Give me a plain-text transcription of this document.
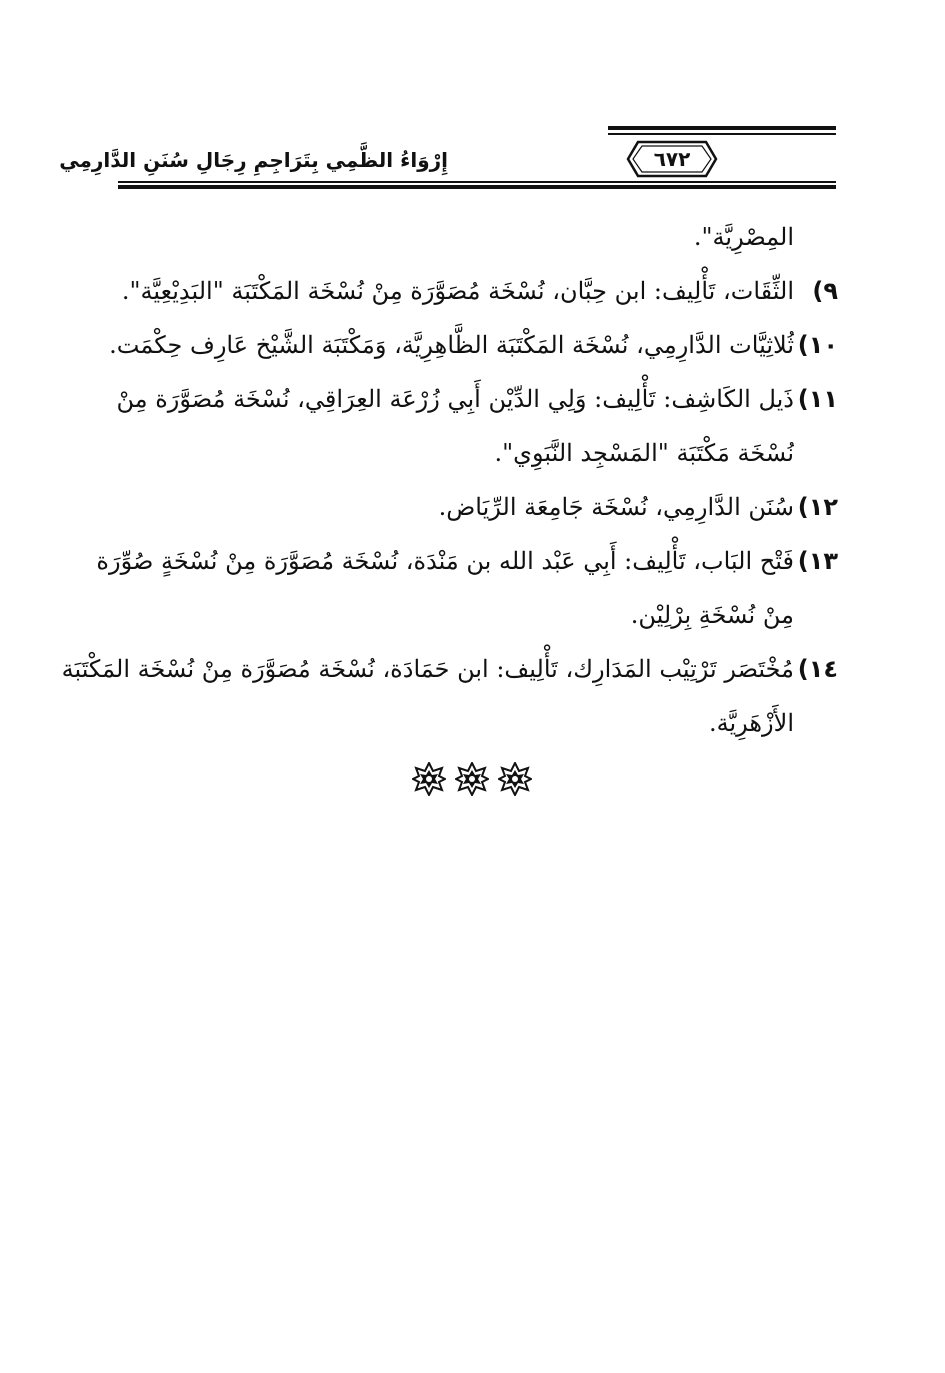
٦٧٢
إِرْوَاءُ الظَّمِي بِتَرَاجِمِ رِجَالِ سُنَنِ الدَّارِمِي
المِصْرِيَّة".
٩)
الثِّقَات، تَأْلِيف: ابن حِبَّان، نُسْخَة مُصَوَّرَة مِنْ نُسْخَة المَكْتَبَة "البَدِيْعِيَّة".
١٠)
ثُلاثِيَّات الدَّارِمِي، نُسْخَة المَكْتَبَة الظَّاهِرِيَّة، وَمَكْتَبَة الشَّيْخ عَارِف حِكْمَت.
١١)
ذَيل الكَاشِف: تَأْلِيف: وَلِي الدِّيْن أَبِي زُرْعَة العِرَاقِي، نُسْخَة مُصَوَّرَة مِنْ
نُسْخَة مَكْتَبَة "المَسْجِد النَّبَوِي".
١٢)
سُنَن الدَّارِمِي، نُسْخَة جَامِعَة الرِّيَاض.
١٣)
فَتْح البَاب، تَأْلِيف: أَبِي عَبْد الله بن مَنْدَة، نُسْخَة مُصَوَّرَة مِنْ نُسْخَةٍ صُوِّرَة
مِنْ نُسْخَةِ بِرْلِيْن.
١٤)
مُخْتَصَر تَرْتِيْب المَدَارِك، تَأْلِيف: ابن حَمَادَة، نُسْخَة مُصَوَّرَة مِنْ نُسْخَة المَكْتَبَة
الأَزْهَرِيَّة.
